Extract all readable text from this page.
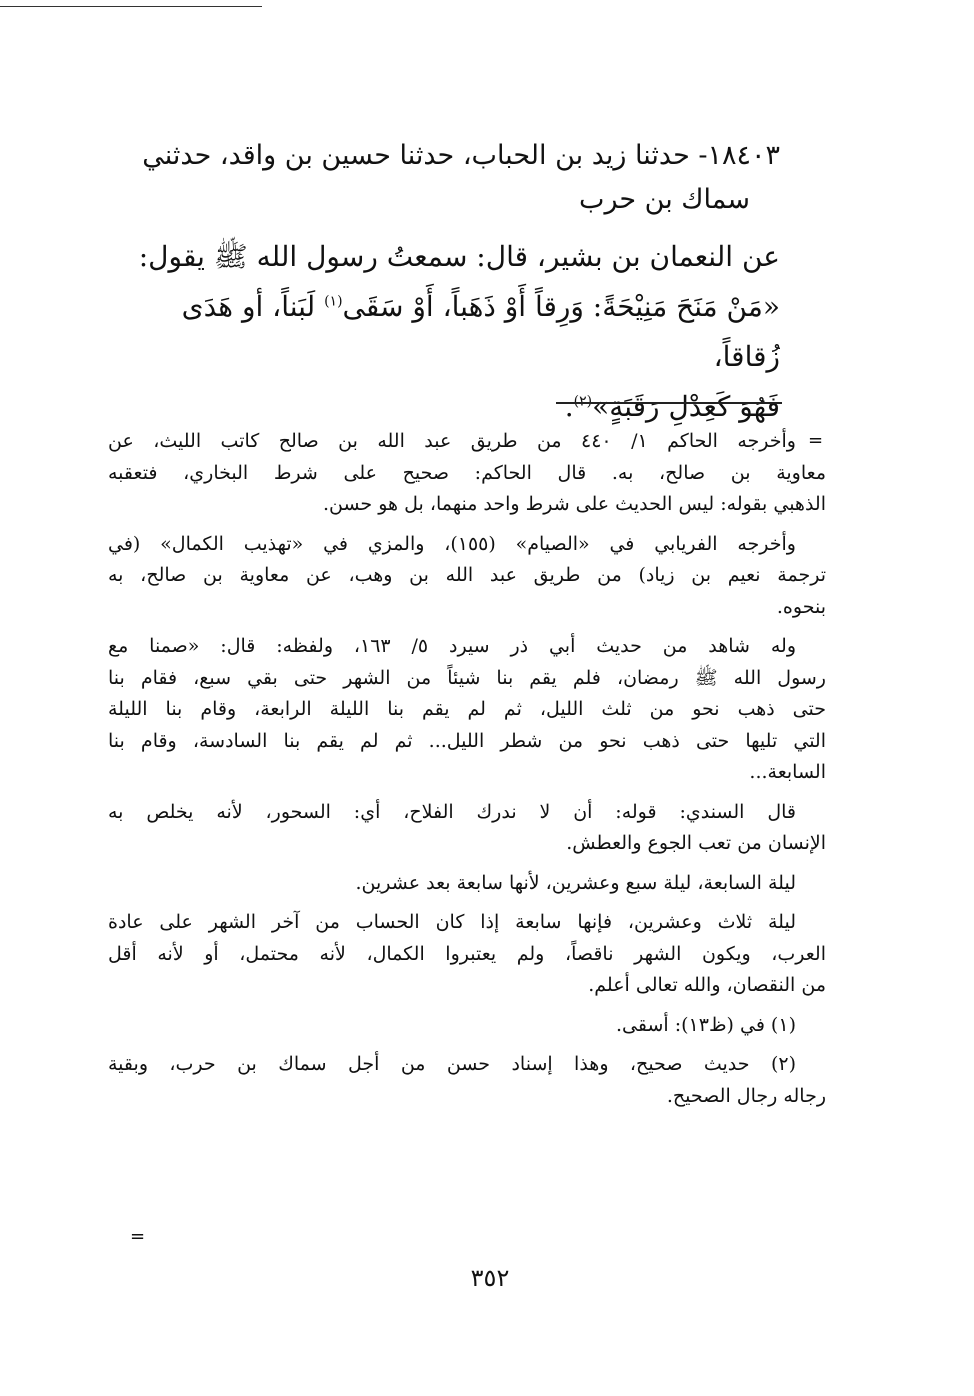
١٨٤٠٣- حدثنا زيد بن الحباب، حدثنا حسين بن واقد، حدثني
سماك بن حرب
عن النعمان بن بشير، قال: سمعتُ رسول الله ﷺ يقول:
«مَنْ مَنَحَ مَنِيْحَةً: وَرِقاً أَوْ ذَهَباً، أَوْ سَقَى$^{(١)}$ لَبَناً، أو هَدَى زُقاقاً،
فَهُوَ كَعِدْلِ رَقَبَةٍ»$^{(٢)}$.
=
وأخرجه الحاكم ١/ ٤٤٠ من طريق عبد الله بن صالح كاتب الليث، عن
معاوية بن صالح، به. قال الحاكم: صحيح على شرط البخاري، فتعقبه
الذهبي بقوله: ليس الحديث على شرط واحد منهما، بل هو حسن.
وأخرجه الفريابي في «الصيام» (١٥٥)، والمزي في «تهذيب الكمال» (في
ترجمة نعيم بن زياد) من طريق عبد الله بن وهب، عن معاوية بن صالح، به
بنحوه.
وله شاهد من حديث أبي ذر سيرد ٥/ ١٦٣، ولفظه: قال: «صمنا مع
رسول الله ﷺ رمضان، فلم يقم بنا شيئاً من الشهر حتى بقي سبع، فقام بنا
حتى ذهب نحو من ثلث الليل، ثم لم يقم بنا الليلة الرابعة، وقام بنا الليلة
التي تليها حتى ذهب نحو من شطر الليل... ثم لم يقم بنا السادسة، وقام بنا
السابعة...
قال السندي: قوله: أن لا ندرك الفلاح، أي: السحور، لأنه يخلص به
الإنسان من تعب الجوع والعطش.
ليلة السابعة، ليلة سبع وعشرين، لأنها سابعة بعد عشرين.
ليلة ثلاث وعشرين، فإنها سابعة إذا كان الحساب من آخر الشهر على عادة
العرب، ويكون الشهر ناقصاً، ولم يعتبروا الكمال، لأنه محتمل، أو لأنه أقل
من النقصان، والله تعالى أعلم.
(١) في (ظ١٣): أسقى.
(٢) حديث صحيح، وهذا إسناد حسن من أجل سماك بن حرب، وبقية
رجاله رجال الصحيح.
=
٣٥٢
